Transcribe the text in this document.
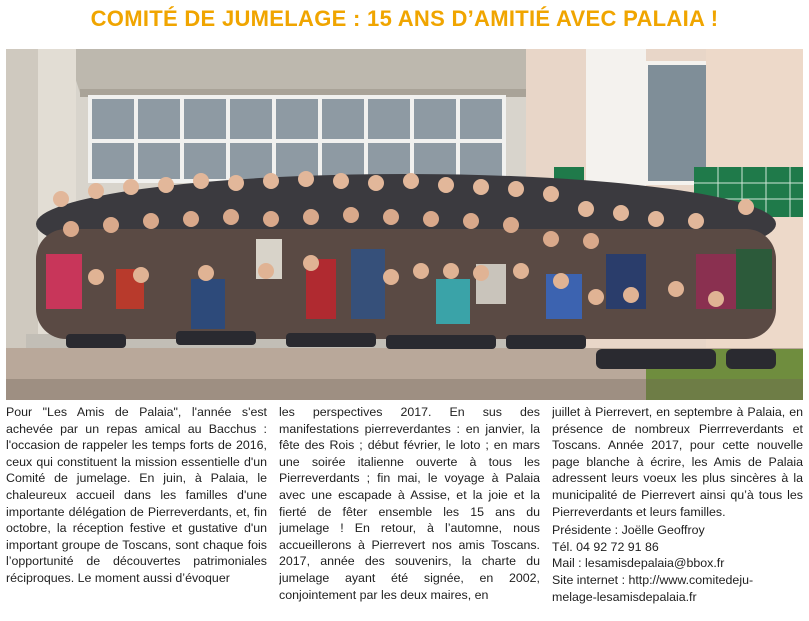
COMITÉ DE JUMELAGE : 15 ANS D’AMITIÉ AVEC PALAIA !

Pour "Les Amis de Palaia", l'année s'est achevée par un repas amical au Bacchus : l'occasion de rappeler les temps forts de 2016, ceux qui constituent la mission essentielle d'un Comité de jumelage. En juin, à Palaia, le chaleureux accueil dans les familles d'une importante délégation de Pierreverdants, et, fin octobre, la réception festive et gustative d'un important groupe de Toscans, sont chaque fois l’opportunité de découvertes patrimoniales réciproques. Le moment aussi d’évoquer

les perspectives 2017. En sus des manifestations pierreverdantes : en janvier, la fête des Rois ; début février, le loto ; en mars une soirée italienne ouverte à tous les Pierreverdants ; fin mai, le voyage à Palaia avec une escapade à Assise, et la joie et la fierté de fêter ensemble les 15 ans du jumelage ! En retour, à l’automne, nous accueillerons à Pierrevert nos amis Toscans. 2017, année des souvenirs, la charte du jumelage ayant été signée, en 2002, conjointement par les deux maires, en

juillet à Pierrevert, en septembre à Palaia, en présence de nombreux Pierrreverdants et Toscans. Année 2017, pour cette nouvelle page blanche à écrire, les Amis de Palaia adressent leurs voeux les plus sincères à la municipalité de Pierrevert ainsi qu’à tous les Pierreverdants et leurs familles.

Présidente : Joëlle Geoffroy
Tél. 04 92 72 91 86
Mail : lesamisdepalaia@bbox.fr
Site internet : http://www.comitedeju-
melage-lesamisdepalaia.fr
